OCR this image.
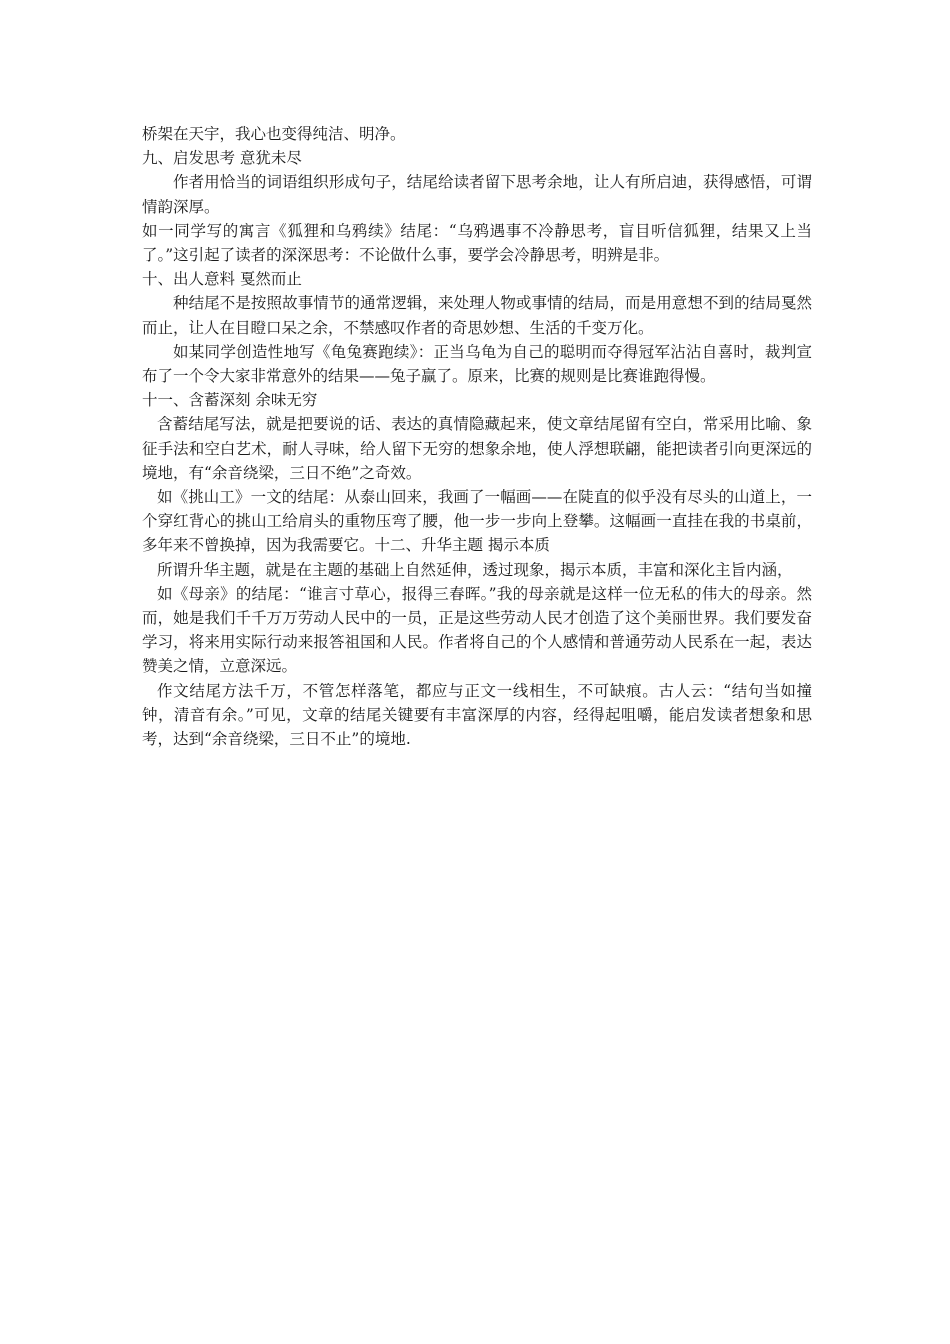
桥架在天宇，我心也变得纯洁、明净。

九、启发思考 意犹未尽

作者用恰当的词语组织形成句子，结尾给读者留下思考余地，让人有所启迪，获得感悟，可谓情韵深厚。

如一同学写的寓言《狐狸和乌鸦续》结尾：“乌鸦遇事不冷静思考，盲目听信狐狸，结果又上当了。”这引起了读者的深深思考：不论做什么事，要学会冷静思考，明辨是非。

十、出人意料 戛然而止

种结尾不是按照故事情节的通常逻辑，来处理人物或事情的结局，而是用意想不到的结局戛然而止，让人在目瞪口呆之余，不禁感叹作者的奇思妙想、生活的千变万化。

如某同学创造性地写《龟兔赛跑续》：正当乌龟为自己的聪明而夺得冠军沾沾自喜时，裁判宣布了一个令大家非常意外的结果——兔子赢了。原来，比赛的规则是比赛谁跑得慢。

十一、含蓄深刻 余味无穷

含蓄结尾写法，就是把要说的话、表达的真情隐藏起来，使文章结尾留有空白，常采用比喻、象征手法和空白艺术，耐人寻味，给人留下无穷的想象余地，使人浮想联翩，能把读者引向更深远的境地，有“余音绕梁，三日不绝”之奇效。

如《挑山工》一文的结尾：从泰山回来，我画了一幅画——在陡直的似乎没有尽头的山道上，一个穿红背心的挑山工给肩头的重物压弯了腰，他一步一步向上登攀。这幅画一直挂在我的书桌前，多年来不曾换掉，因为我需要它。十二、升华主题 揭示本质

所谓升华主题，就是在主题的基础上自然延伸，透过现象，揭示本质，丰富和深化主旨内涵，

如《母亲》的结尾：“谁言寸草心，报得三春晖。”我的母亲就是这样一位无私的伟大的母亲。然而，她是我们千千万万劳动人民中的一员，正是这些劳动人民才创造了这个美丽世界。我们要发奋学习，将来用实际行动来报答祖国和人民。作者将自己的个人感情和普通劳动人民系在一起，表达赞美之情，立意深远。

作文结尾方法千万，不管怎样落笔，都应与正文一线相生，不可缺痕。古人云：“结句当如撞钟，清音有余。”可见，文章的结尾关键要有丰富深厚的内容，经得起咀嚼，能启发读者想象和思考，达到“余音绕梁，三日不止”的境地.
